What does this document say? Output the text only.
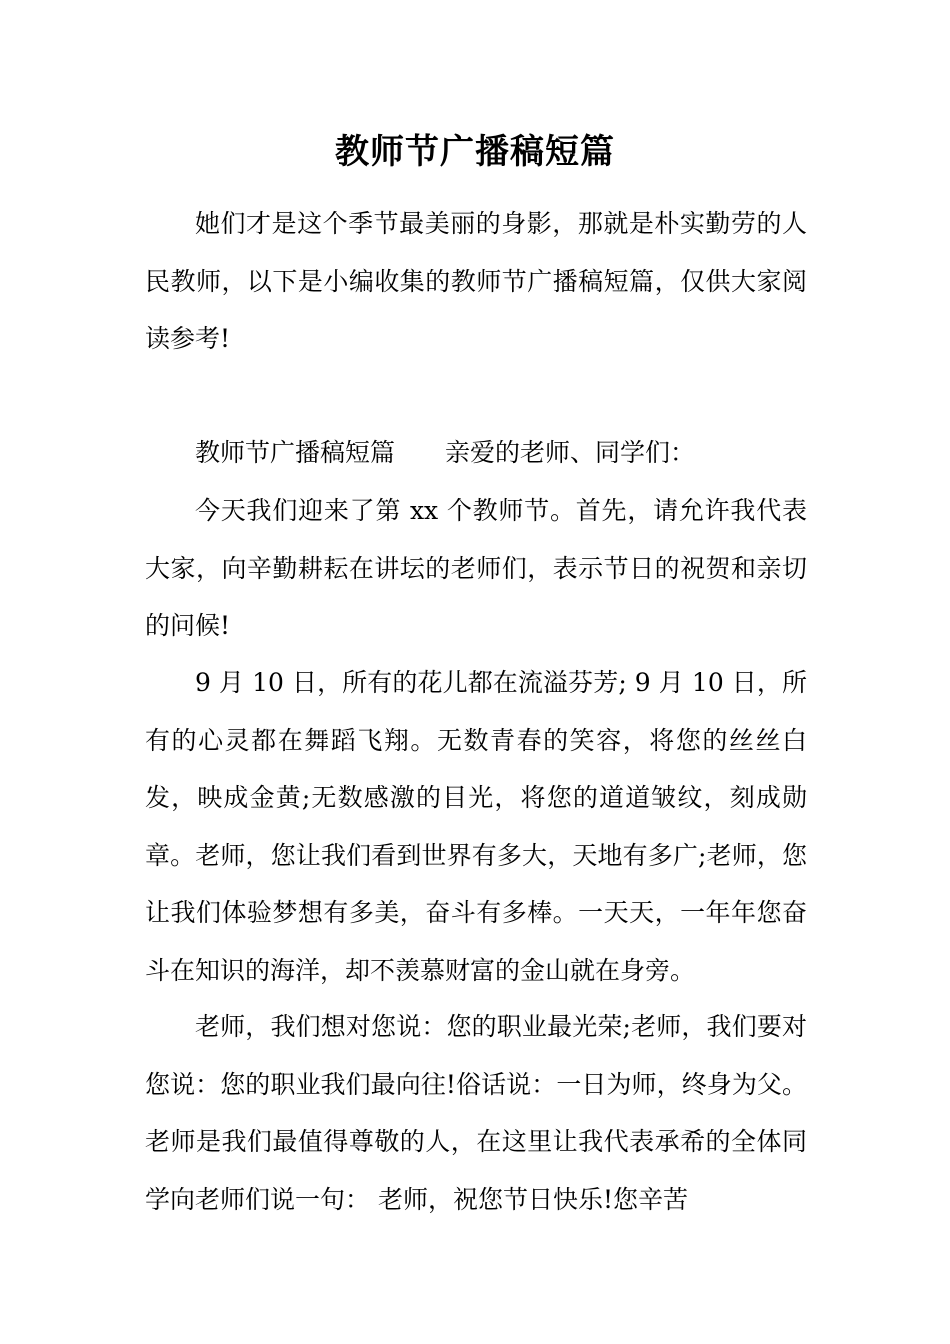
教师节广播稿短篇

她们才是这个季节最美丽的身影，那就是朴实勤劳的人民教师，以下是小编收集的教师节广播稿短篇，仅供大家阅读参考!

教师节广播稿短篇 亲爱的老师、同学们：

今天我们迎来了第 xx 个教师节。首先，请允许我代表大家，向辛勤耕耘在讲坛的老师们，表示节日的祝贺和亲切的问候!

9 月 10 日，所有的花儿都在流溢芬芳; 9 月 10 日，所有的心灵都在舞蹈飞翔。无数青春的笑容，将您的丝丝白发，映成金黄;无数感激的目光，将您的道道皱纹，刻成勋章。老师，您让我们看到世界有多大，天地有多广;老师，您让我们体验梦想有多美，奋斗有多棒。一天天，一年年您奋斗在知识的海洋，却不羡慕财富的金山就在身旁。

老师，我们想对您说：您的职业最光荣;老师，我们要对您说：您的职业我们最向往!俗话说：一日为师，终身为父。老师是我们最值得尊敬的人，在这里让我代表承希的全体同学向老师们说一句： 老师，祝您节日快乐!您辛苦
